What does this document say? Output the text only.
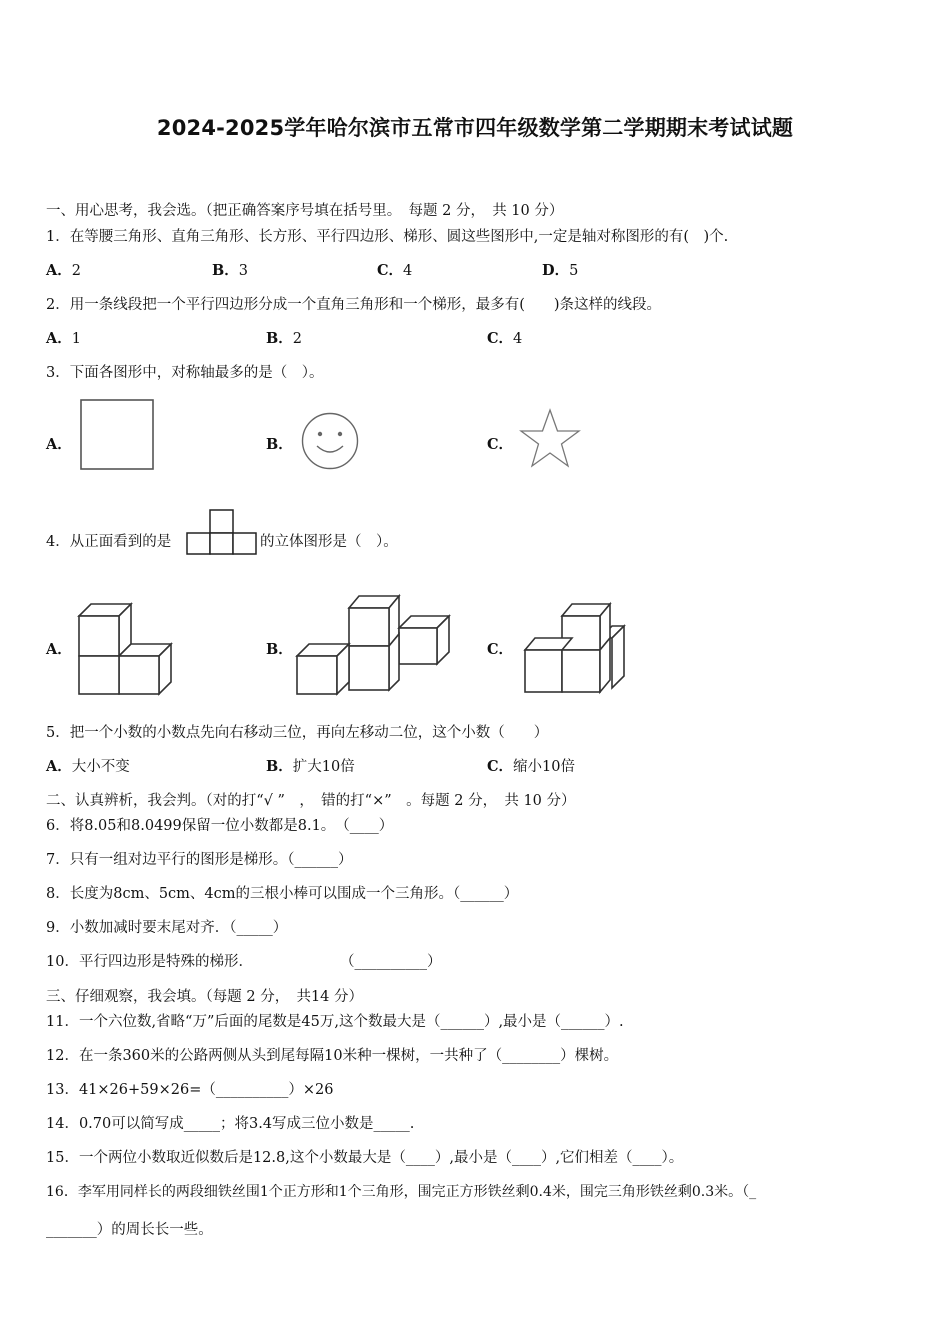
2024-2025学年哈尔滨市五常市四年级数学第二学期期末考试试题
一、用心思考，我会选。（把正确答案序号填在括号里。　每题 2 分，　共 10 分）
1．在等腰三角形、直角三角形、长方形、平行四边形、梯形、圆这些图形中,一定是轴对称图形的有(　)个.
A．2	B．3	C．4	D．5
2．用一条线段把一个平行四边形分成一个直角三角形和一个梯形，最多有(　　)条这样的线段。
A．1	B．2	C．4
3．下面各图形中，对称轴最多的是（　）。
A．	B．	C．
4．从正面看到的是	的立体图形是（　）。
A．	B．	C．
5．把一个小数的小数点先向右移动三位，再向左移动二位，这个小数（　　）
A．大小不变	B．扩大10倍	C．缩小10倍
二、认真辨析，我会判。（对的打“√ ”　，　错的打“×”　。每题 2 分，　共 10 分）
6．将8.05和8.0499保留一位小数都是8.1。　（____）
7．只有一组对边平行的图形是梯形。（______）
8．长度为8cm、5cm、4cm的三根小棒可以围成一个三角形。（______）
9．小数加减时要末尾对齐．（_____）
10．平行四边形是特殊的梯形．　　　　　　　（__________）
三、仔细观察，我会填。（每题 2 分，　共14 分）
11．一个六位数,省略“万”后面的尾数是45万,这个数最大是（______）,最小是（______）.
12．在一条360米的公路两侧从头到尾每隔10米种一棵树，一共种了（________）棵树。
13．41×26+59×26=（__________）×26
14．0.70可以简写成_____；将3.4写成三位小数是_____.
15．一个两位小数取近似数后是12.8,这个小数最大是（____）,最小是（____）,它们相差（____）。
16．李军用同样长的两段细铁丝围1个正方形和1个三角形，围完正方形铁丝剩0.4米，围完三角形铁丝剩0.3米。（_
_______）的周长长一些。
